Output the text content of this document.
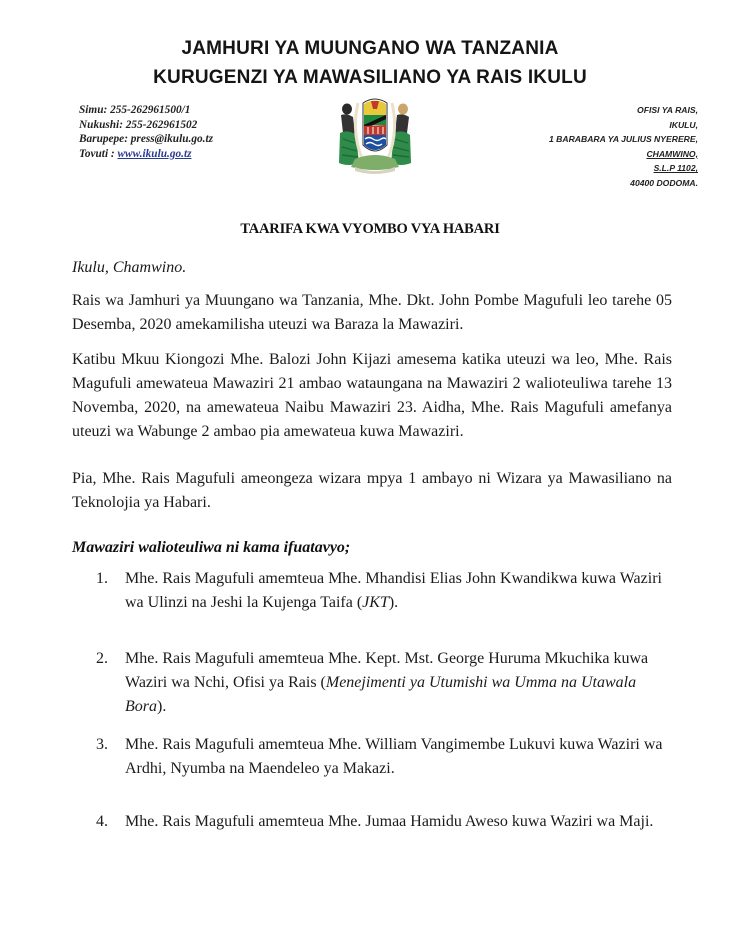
JAMHURI YA MUUNGANO WA TANZANIA
KURUGENZI YA MAWASILIANO YA RAIS IKULU
Simu: 255-262961500/1
Nukushi: 255-262961502
Barupepe: press@ikulu.go.tz
Tovuti : www.ikulu.go.tz
OFISI YA RAIS,
IKULU,
1 BARABARA YA JULIUS NYERERE,
CHAMWINO,
S.L.P 1102,
40400 DODOMA.
TAARIFA KWA VYOMBO VYA HABARI
Ikulu, Chamwino.
Rais wa Jamhuri ya Muungano wa Tanzania, Mhe. Dkt. John Pombe Magufuli leo tarehe 05 Desemba, 2020 amekamilisha uteuzi wa Baraza la Mawaziri.
Katibu Mkuu Kiongozi Mhe. Balozi John Kijazi amesema katika uteuzi wa leo, Mhe. Rais Magufuli amewateua Mawaziri 21 ambao wataungana na Mawaziri 2 walioteuliwa tarehe 13 Novemba, 2020, na amewateua Naibu Mawaziri 23. Aidha, Mhe. Rais Magufuli amefanya uteuzi wa Wabunge 2 ambao pia amewateua kuwa Mawaziri.
Pia, Mhe. Rais Magufuli ameongeza wizara mpya 1 ambayo ni Wizara ya Mawasiliano na Teknolojia ya Habari.
Mawaziri walioteuliwa ni kama ifuatavyo;
1.	Mhe. Rais Magufuli amemteua Mhe. Mhandisi Elias John Kwandikwa kuwa Waziri wa Ulinzi na Jeshi la Kujenga Taifa (JKT).
2.	Mhe. Rais Magufuli amemteua Mhe. Kept. Mst. George Huruma Mkuchika kuwa Waziri wa Nchi, Ofisi ya Rais (Menejimenti ya Utumishi wa Umma na Utawala Bora).
3.	Mhe. Rais Magufuli amemteua Mhe. William Vangimembe Lukuvi kuwa Waziri wa Ardhi, Nyumba na Maendeleo ya Makazi.
4.	Mhe. Rais Magufuli amemteua Mhe. Jumaa Hamidu Aweso kuwa Waziri wa Maji.
